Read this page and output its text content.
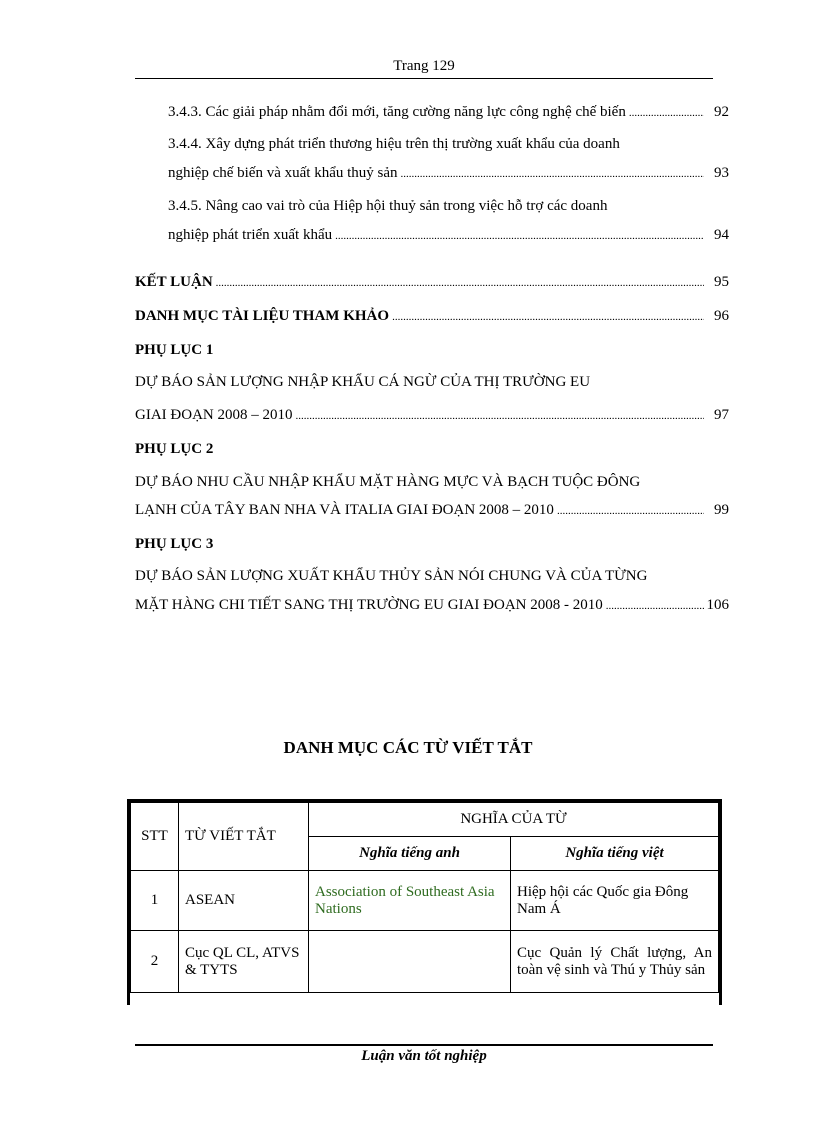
Trang 129
3.4.3. Các giải pháp nhằm đổi mới, tăng cường năng lực công nghệ chế biến .....	92
3.4.4. Xây dựng phát triển thương hiệu trên thị trường xuất khẩu của doanh
nghiệp chế biến và xuất khẩu thuỷ sản .....	93
3.4.5. Nâng cao vai trò của Hiệp hội thuỷ sản trong việc hỗ trợ các doanh
nghiệp phát triển xuất khẩu .....	94
KẾT LUẬN .....	95
DANH MỤC TÀI LIỆU THAM KHẢO .....	96
PHỤ LỤC 1
DỰ BÁO SẢN LƯỢNG NHẬP KHẨU CÁ NGỪ CỦA THỊ TRƯỜNG EU
GIAI ĐOẠN 2008 – 2010 .....	97
PHỤ LỤC 2
DỰ BÁO NHU CẦU NHẬP KHẨU MẶT HÀNG MỰC VÀ BẠCH TUỘC ĐÔNG
LẠNH CỦA TÂY BAN NHA VÀ ITALIA GIAI ĐOẠN 2008 – 2010 .....	99
PHỤ LỤC 3
DỰ BÁO SẢN LƯỢNG XUẤT KHẨU THỦY SẢN NÓI CHUNG VÀ CỦA TỪNG
MẶT HÀNG CHI TIẾT SANG THỊ TRƯỜNG EU GIAI ĐOẠN 2008 - 2010 .....	106
DANH MỤC CÁC TỪ VIẾT TẮT
STT	TỪ VIẾT TẮT	NGHĨA CỦA TỪ	
		Nghĩa tiếng anh	Nghĩa tiếng việt
1	ASEAN	Association of Southeast Asia Nations	Hiệp hội các Quốc gia Đông Nam Á
2	Cục QL CL, ATVS & TYTS		Cục Quản lý Chất lượng, An toàn vệ sinh và Thú y Thủy sản
Luận văn tốt nghiệp
